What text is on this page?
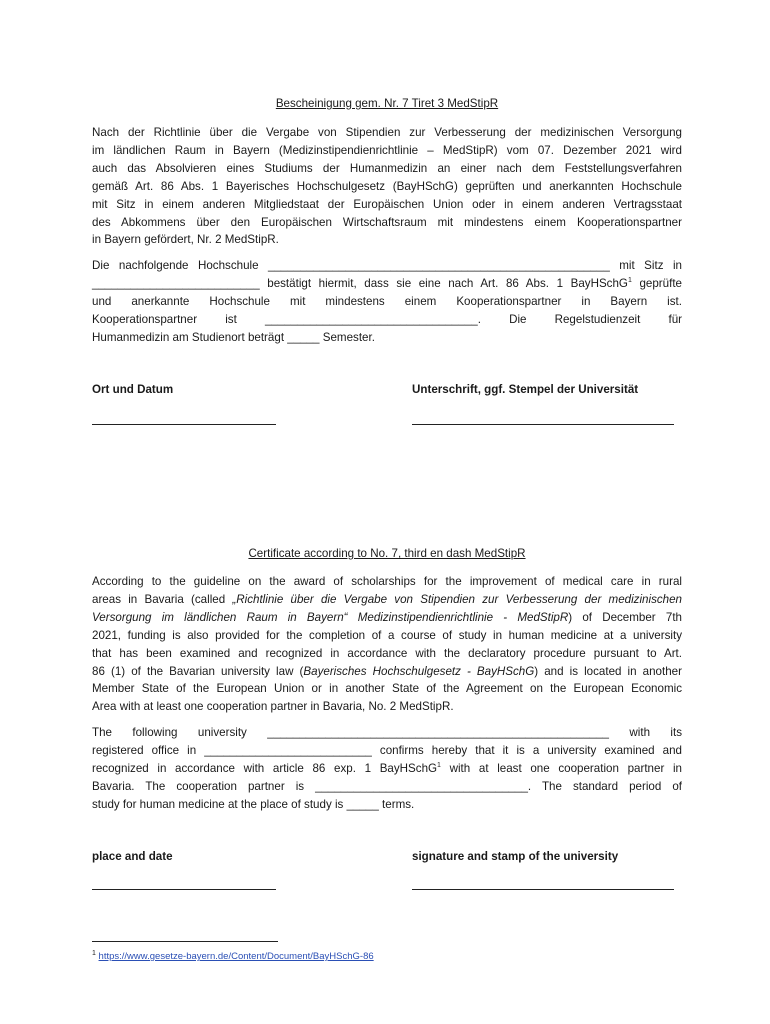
Bescheinigung gem. Nr. 7 Tiret 3 MedStipR
Nach der Richtlinie über die Vergabe von Stipendien zur Verbesserung der medizinischen Versorgung
im ländlichen Raum in Bayern (Medizinstipendienrichtlinie – MedStipR) vom 07. Dezember 2021 wird
auch das Absolvieren eines Studiums der Humanmedizin an einer nach dem Feststellungsverfahren
gemäß Art. 86 Abs. 1 Bayerisches Hochschulgesetz (BayHSchG) geprüften und anerkannten Hochschule
mit Sitz in einem anderen Mitgliedstaat der Europäischen Union oder in einem anderen Vertragsstaat
des Abkommens über den Europäischen Wirtschaftsraum mit mindestens einem Kooperationspartner
in Bayern gefördert, Nr. 2 MedStipR.
Die nachfolgende Hochschule _____________________________________________________ mit Sitz in
__________________________ bestätigt hiermit, dass sie eine nach Art. 86 Abs. 1 BayHSchG$^1$ geprüfte
und anerkannte Hochschule mit mindestens einem Kooperationspartner in Bayern ist.
Kooperationspartner ist _________________________________. Die Regelstudienzeit für
Humanmedizin am Studienort beträgt _____ Semester.
Ort und Datum	Unterschrift, ggf. Stempel der Universität
Certificate according to No. 7, third en dash MedStipR
According to the guideline on the award of scholarships for the improvement of medical care in rural
areas in Bavaria (called „Richtlinie über die Vergabe von Stipendien zur Verbesserung der medizinischen
Versorgung im ländlichen Raum in Bayern“ Medizinstipendienrichtlinie - MedStipR) of December 7th
2021, funding is also provided for the completion of a course of study in human medicine at a university
that has been examined and recognized in accordance with the declaratory procedure pursuant to Art.
86 (1) of the Bavarian university law (Bayerisches Hochschulgesetz - BayHSchG) and is located in another
Member State of the European Union or in another State of the Agreement on the European Economic
Area with at least one cooperation partner in Bavaria, No. 2 MedStipR.
The following university _____________________________________________________ with its
registered office in __________________________ confirms hereby that it is a university examined and
recognized in accordance with article 86 exp. 1 BayHSchG$^1$ with at least one cooperation partner in
Bavaria. The cooperation partner is _________________________________. The standard period of
study for human medicine at the place of study is _____ terms.
place and date	signature and stamp of the university
$^1$ https://www.gesetze-bayern.de/Content/Document/BayHSchG-86
